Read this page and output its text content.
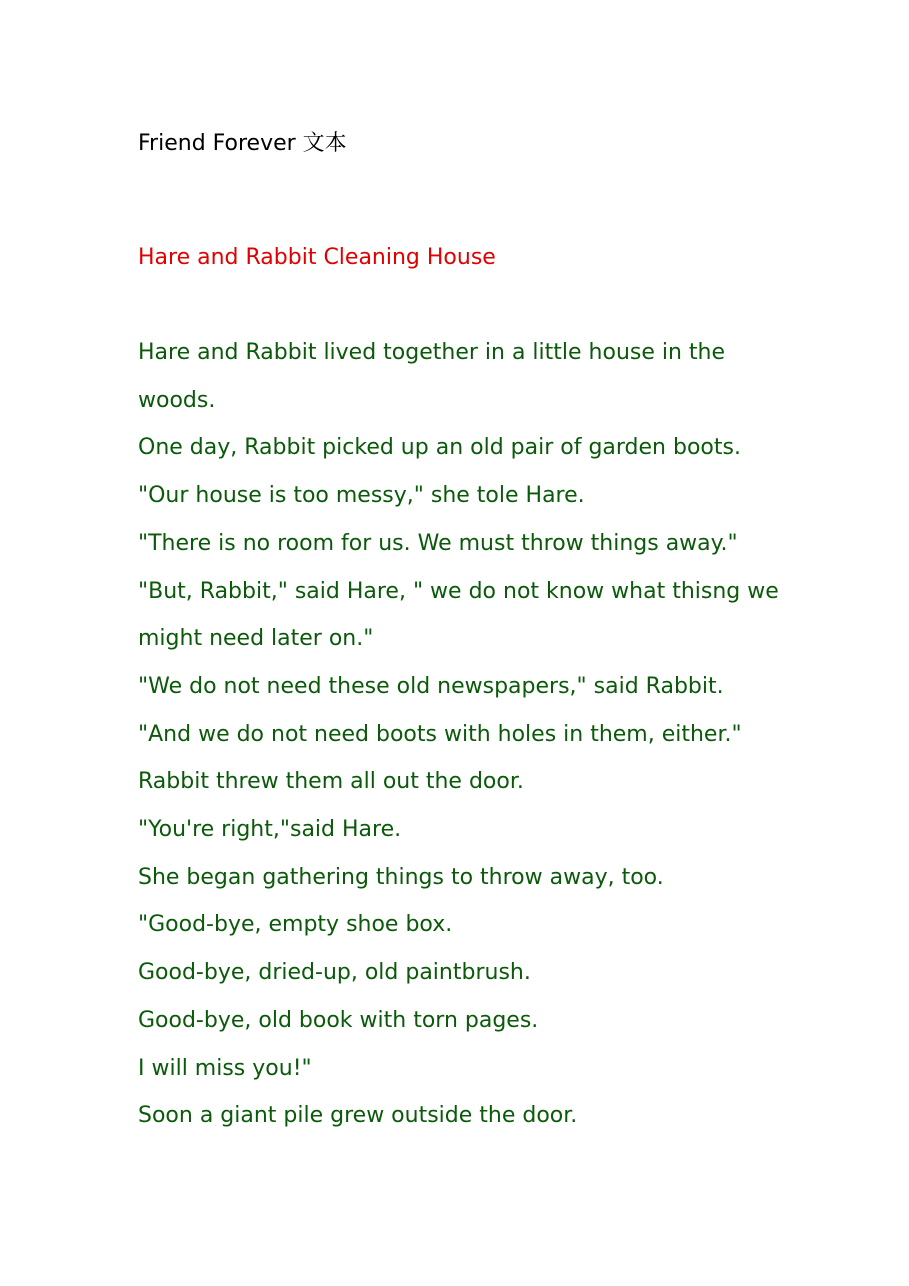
Friend Forever 文本
Hare and Rabbit Cleaning House
Hare and Rabbit lived together in a little house in the woods.
One day, Rabbit picked up an old pair of garden boots.
"Our house is too messy," she tole Hare.
"There is no room for us. We must throw things away."
"But, Rabbit," said Hare, " we do not know what thisng we might need later on."
"We do not need these old newspapers," said Rabbit.
"And we do not need boots with holes in them, either."
Rabbit threw them all out the door.
"You're right,"said Hare.
She began gathering things to throw away, too.
"Good-bye, empty shoe box.
Good-bye, dried-up, old paintbrush.
Good-bye, old book with torn pages.
I will miss you!"
Soon a giant pile grew outside the door.
